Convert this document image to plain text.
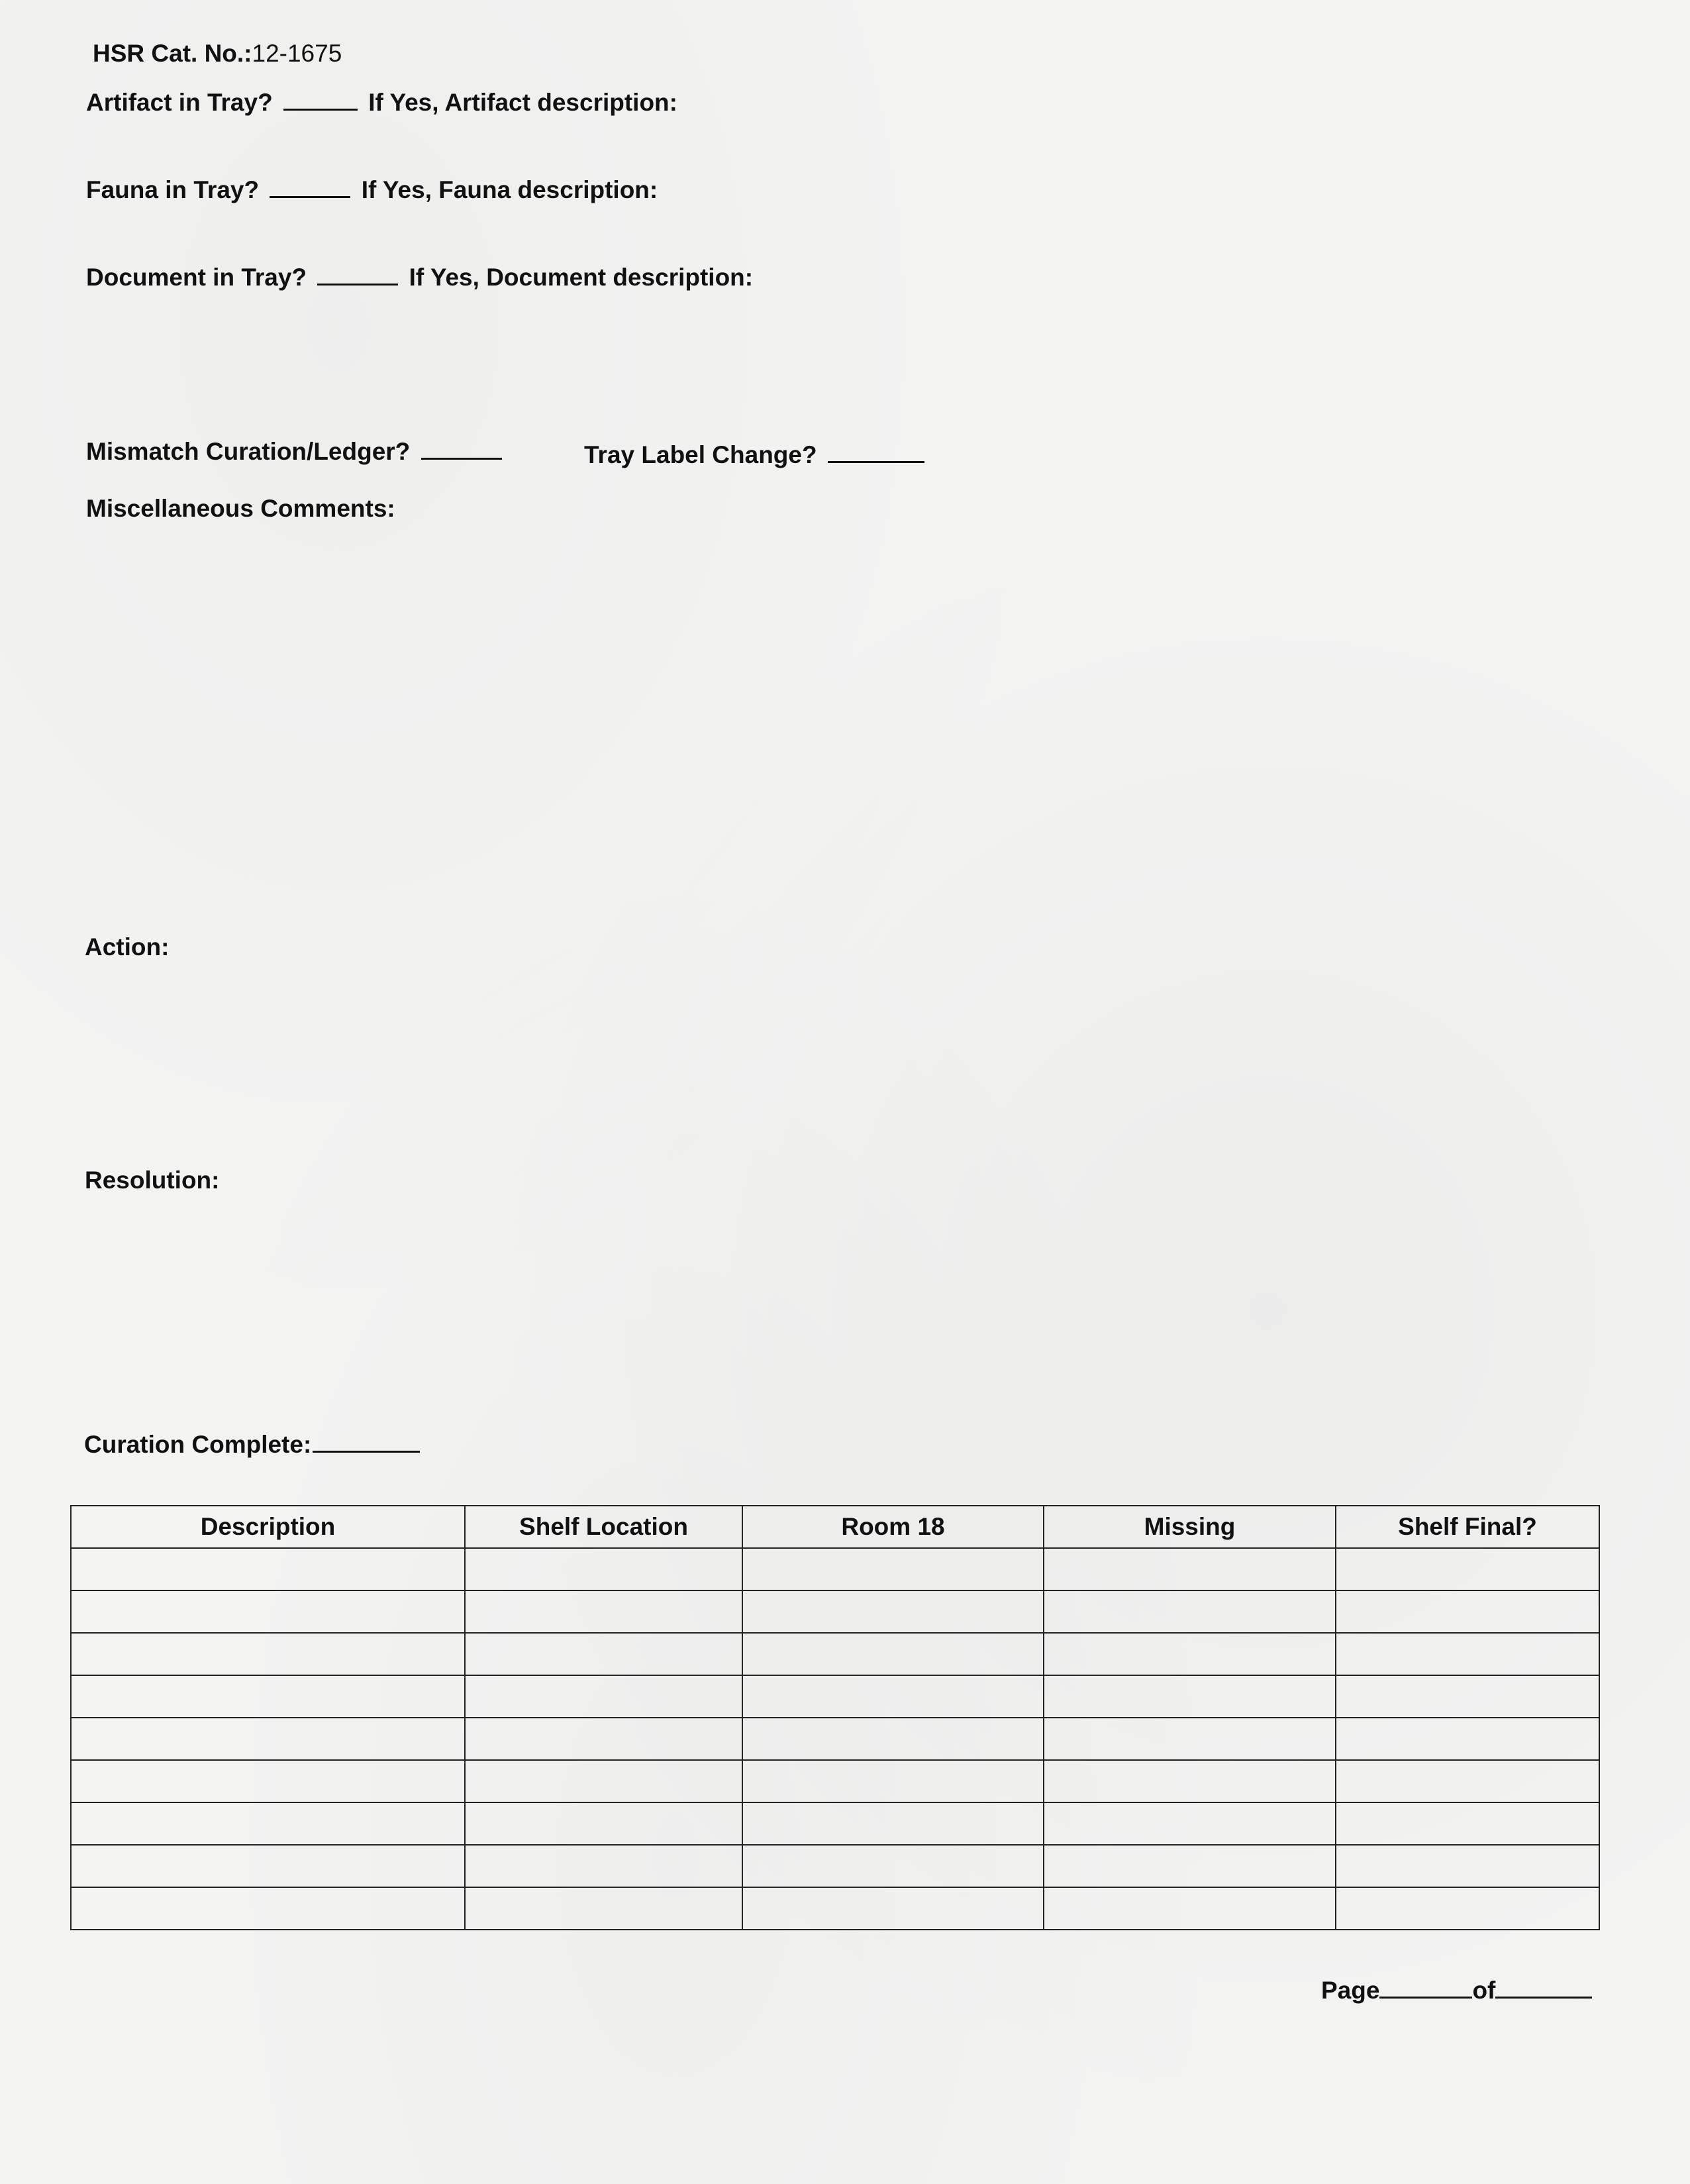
HSR Cat. No.:12-1675
Artifact in Tray?	If Yes, Artifact description:
Fauna in Tray?	If Yes, Fauna description:
Document in Tray?	If Yes, Document description:
Mismatch Curation/Ledger?	Tray Label Change?
Miscellaneous Comments:
Action:
Resolution:
Curation Complete:
Description	Shelf Location	Room 18	Missing	Shelf Final?

Page	of
